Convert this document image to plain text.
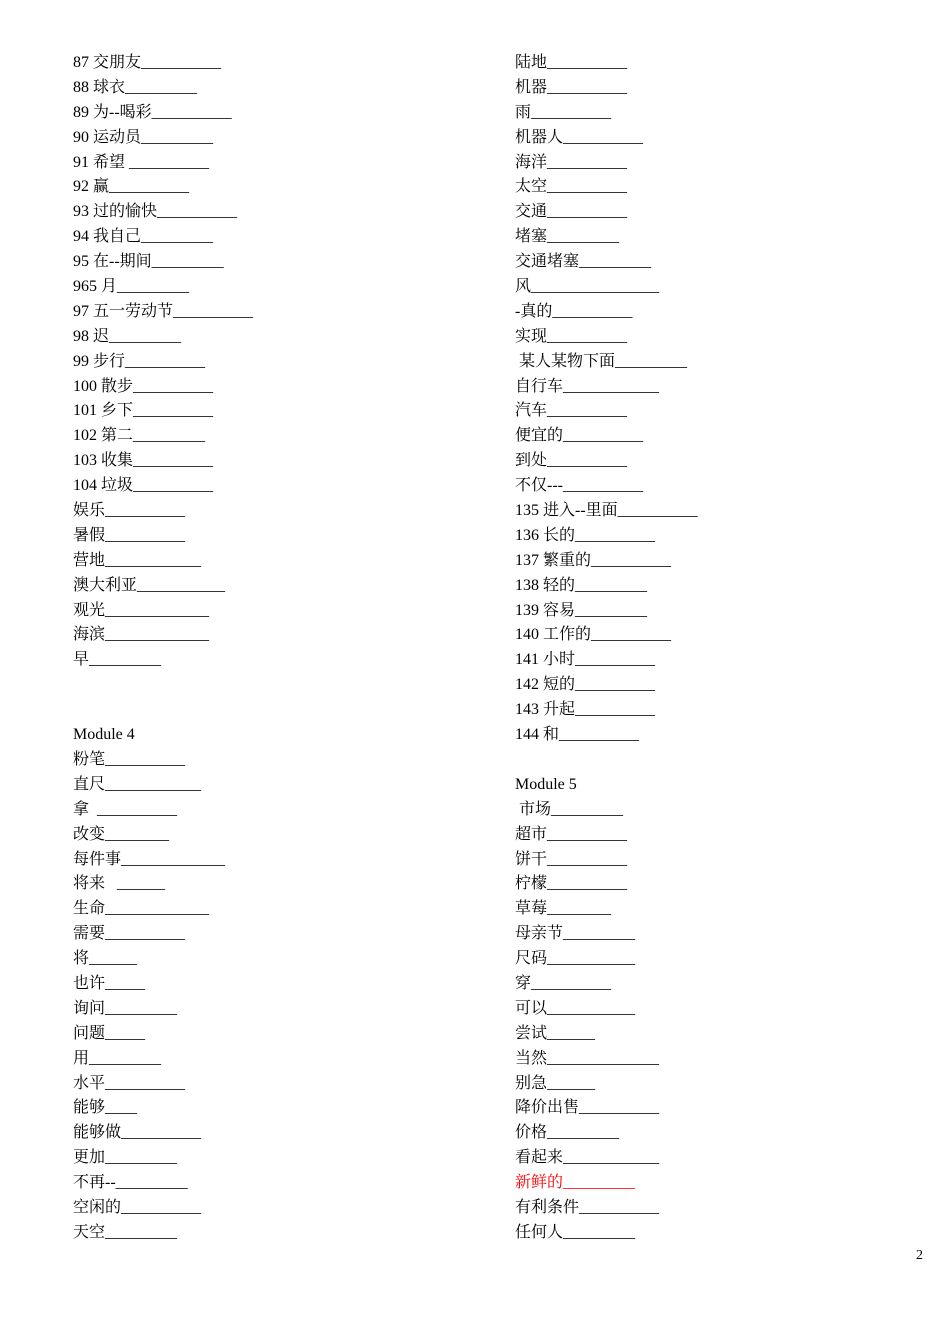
87 交朋友__________
88 球衣_________
89 为--喝彩__________
90 运动员_________
91 希望 __________
92 赢__________
93 过的愉快__________
94 我自己_________
95 在--期间_________
965 月_________
97 五一劳动节__________
98 迟_________
99 步行__________
100 散步__________
101 乡下__________
102 第二_________
103 收集__________
104 垃圾__________
娱乐__________
暑假__________
营地____________
澳大利亚___________
观光_____________
海滨_____________
早_________
Module 4
粉笔__________
直尺____________
拿  __________
改变________
每件事_____________
将来   ______
生命_____________
需要__________
将______
也许_____
询问_________
问题_____
用_________
水平__________
能够____
能够做__________
更加_________
不再--_________
空闲的__________
天空_________
陆地__________
机器__________
雨__________
机器人__________
海洋__________
太空__________
交通__________
堵塞_________
交通堵塞_________
风________________
-真的__________
实现__________
某人某物下面_________
自行车____________
汽车__________
便宜的__________
到处__________
不仅---__________
135 进入--里面__________
136 长的__________
137 繁重的__________
138 轻的_________
139 容易_________
140 工作的__________
141 小时__________
142 短的__________
143 升起__________
144 和__________
Module 5
市场_________
超市__________
饼干__________
柠檬__________
草莓________
母亲节_________
尺码___________
穿__________
可以___________
尝试______
当然______________
别急______
降价出售__________
价格_________
看起来____________
新鲜的_________
有利条件__________
任何人_________
2
